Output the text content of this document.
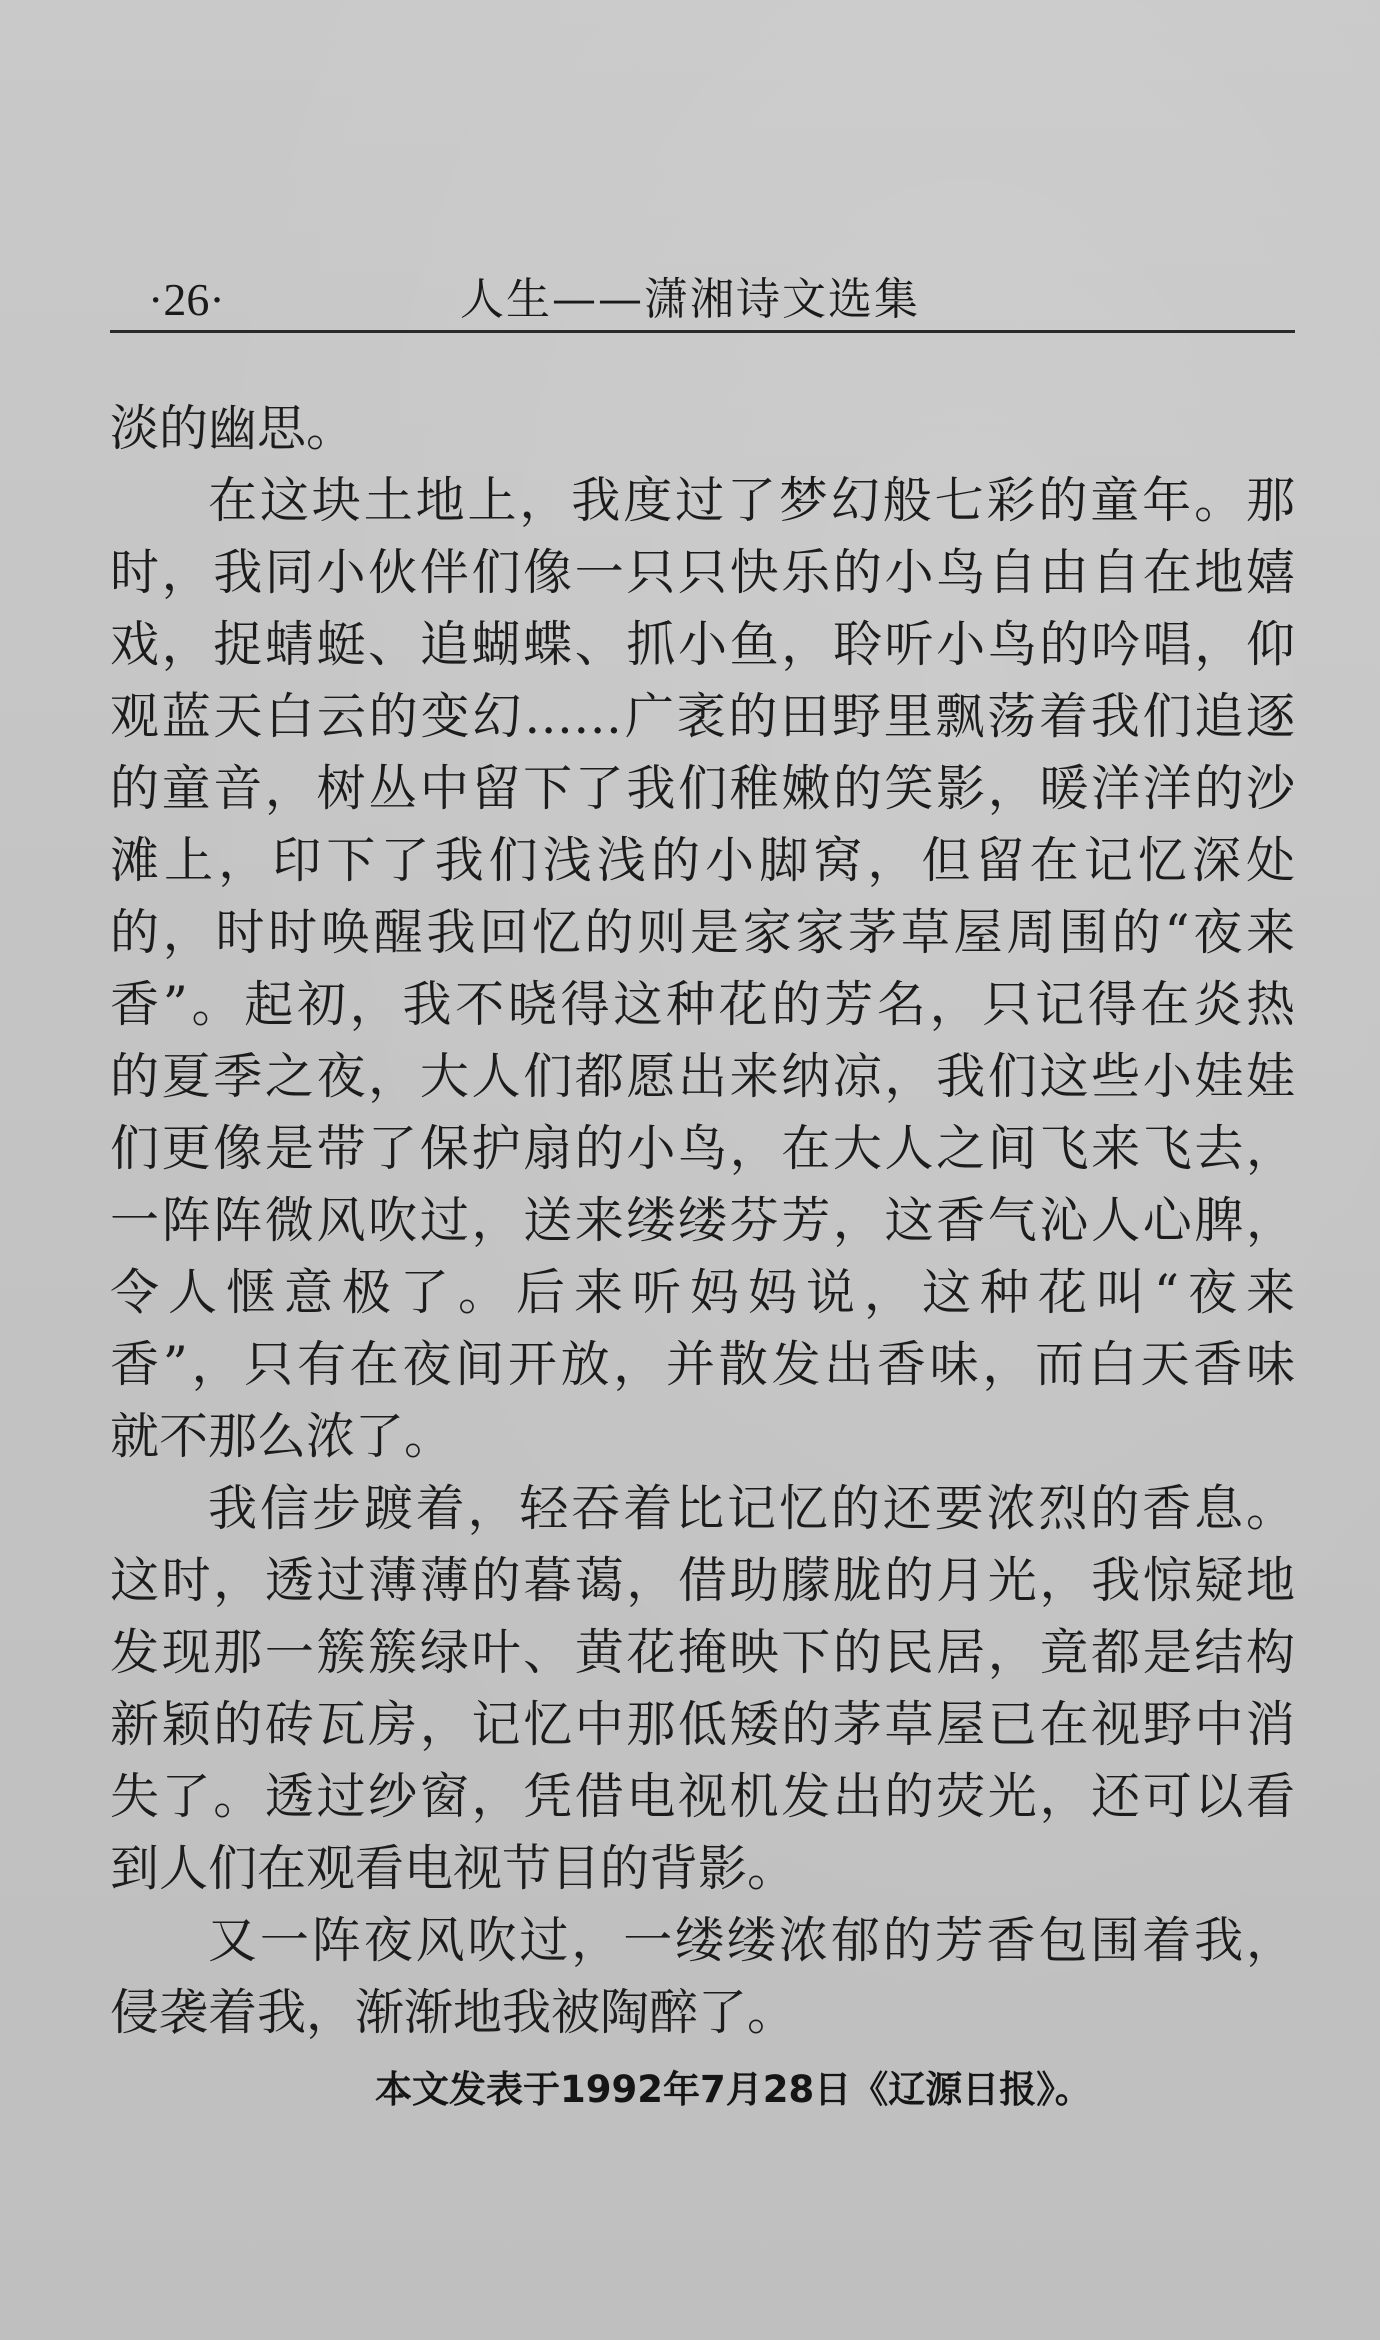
·26·	人生——潇湘诗文选集
淡的幽思。
在这块土地上，我度过了梦幻般七彩的童年。那
时，我同小伙伴们像一只只快乐的小鸟自由自在地嬉
戏，捉蜻蜓、追蝴蝶、抓小鱼，聆听小鸟的吟唱，仰
观蓝天白云的变幻……广袤的田野里飘荡着我们追逐
的童音，树丛中留下了我们稚嫩的笑影，暖洋洋的沙
滩上，印下了我们浅浅的小脚窝，但留在记忆深处
的，时时唤醒我回忆的则是家家茅草屋周围的“夜来
香”。起初，我不晓得这种花的芳名，只记得在炎热
的夏季之夜，大人们都愿出来纳凉，我们这些小娃娃
们更像是带了保护扇的小鸟，在大人之间飞来飞去，
一阵阵微风吹过，送来缕缕芬芳，这香气沁人心脾，
令人惬意极了。后来听妈妈说，这种花叫“夜来
香”，只有在夜间开放，并散发出香味，而白天香味
就不那么浓了。
我信步踱着，轻吞着比记忆的还要浓烈的香息。
这时，透过薄薄的暮蔼，借助朦胧的月光，我惊疑地
发现那一簇簇绿叶、黄花掩映下的民居，竟都是结构
新颖的砖瓦房，记忆中那低矮的茅草屋已在视野中消
失了。透过纱窗，凭借电视机发出的荧光，还可以看
到人们在观看电视节目的背影。
又一阵夜风吹过，一缕缕浓郁的芳香包围着我，
侵袭着我，渐渐地我被陶醉了。
本文发表于1992年7月28日《辽源日报》。
